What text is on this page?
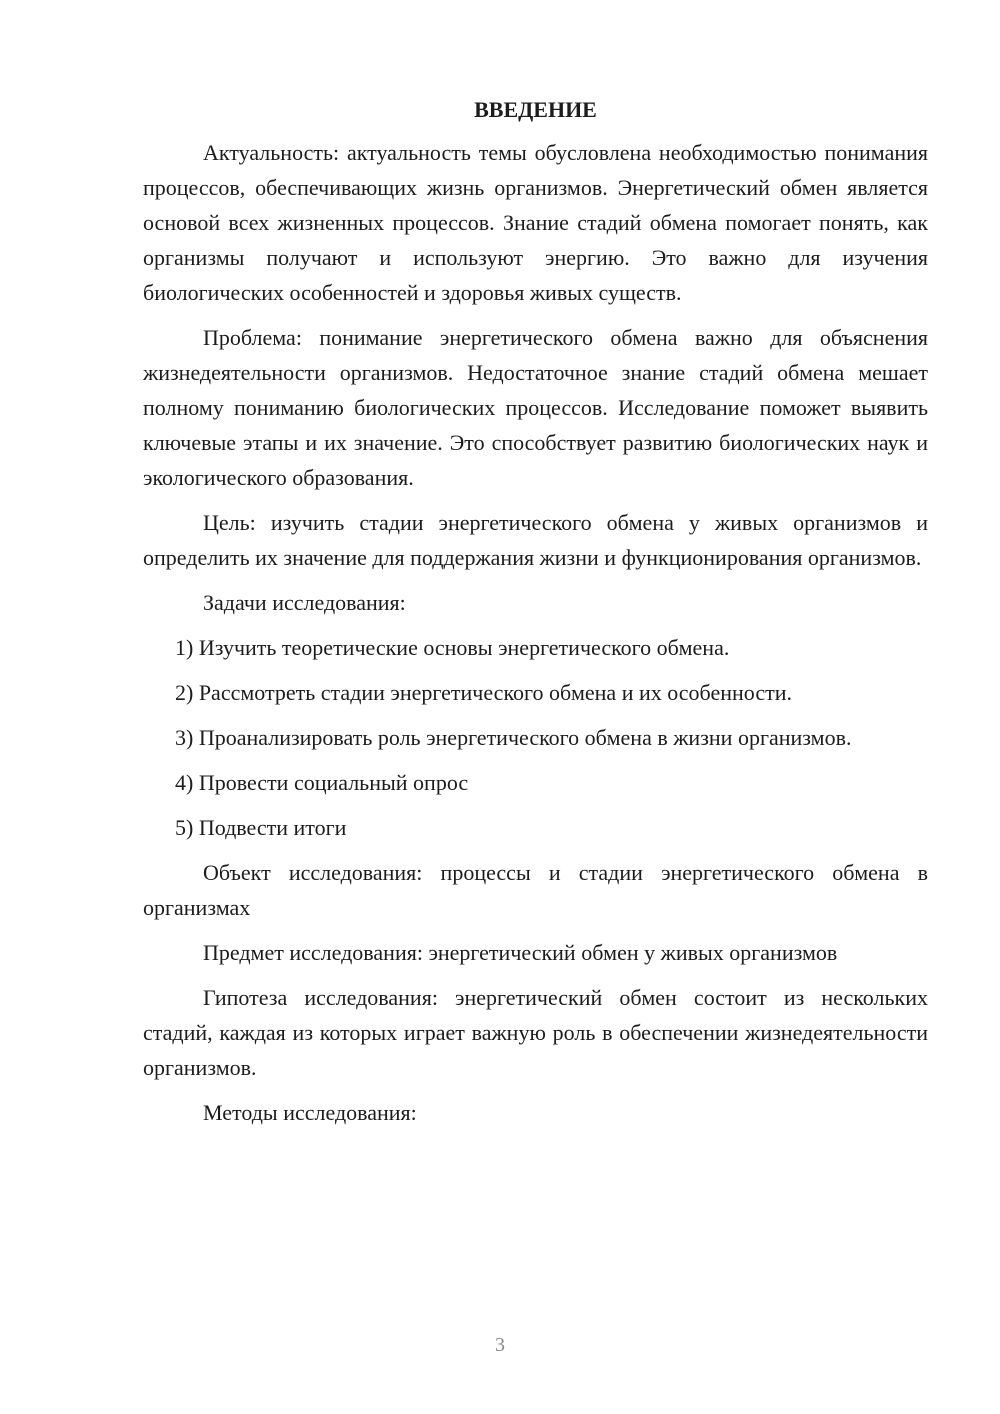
ВВЕДЕНИЕ

Актуальность: актуальность темы обусловлена необходимостью понимания процессов, обеспечивающих жизнь организмов. Энергетический обмен является основой всех жизненных процессов. Знание стадий обмена помогает понять, как организмы получают и используют энергию. Это важно для изучения биологических особенностей и здоровья живых существ.

Проблема: понимание энергетического обмена важно для объяснения жизнедеятельности организмов. Недостаточное знание стадий обмена мешает полному пониманию биологических процессов. Исследование поможет выявить ключевые этапы и их значение. Это способствует развитию биологических наук и экологического образования.

Цель: изучить стадии энергетического обмена у живых организмов и определить их значение для поддержания жизни и функционирования организмов.

Задачи исследования:

1) Изучить теоретические основы энергетического обмена.

2) Рассмотреть стадии энергетического обмена и их особенности.

3) Проанализировать роль энергетического обмена в жизни организмов.

4) Провести социальный опрос

5) Подвести итоги

Объект исследования: процессы и стадии энергетического обмена в организмах

Предмет исследования: энергетический обмен у живых организмов

Гипотеза исследования: энергетический обмен состоит из нескольких стадий, каждая из которых играет важную роль в обеспечении жизнедеятельности организмов.

Методы исследования:

3
